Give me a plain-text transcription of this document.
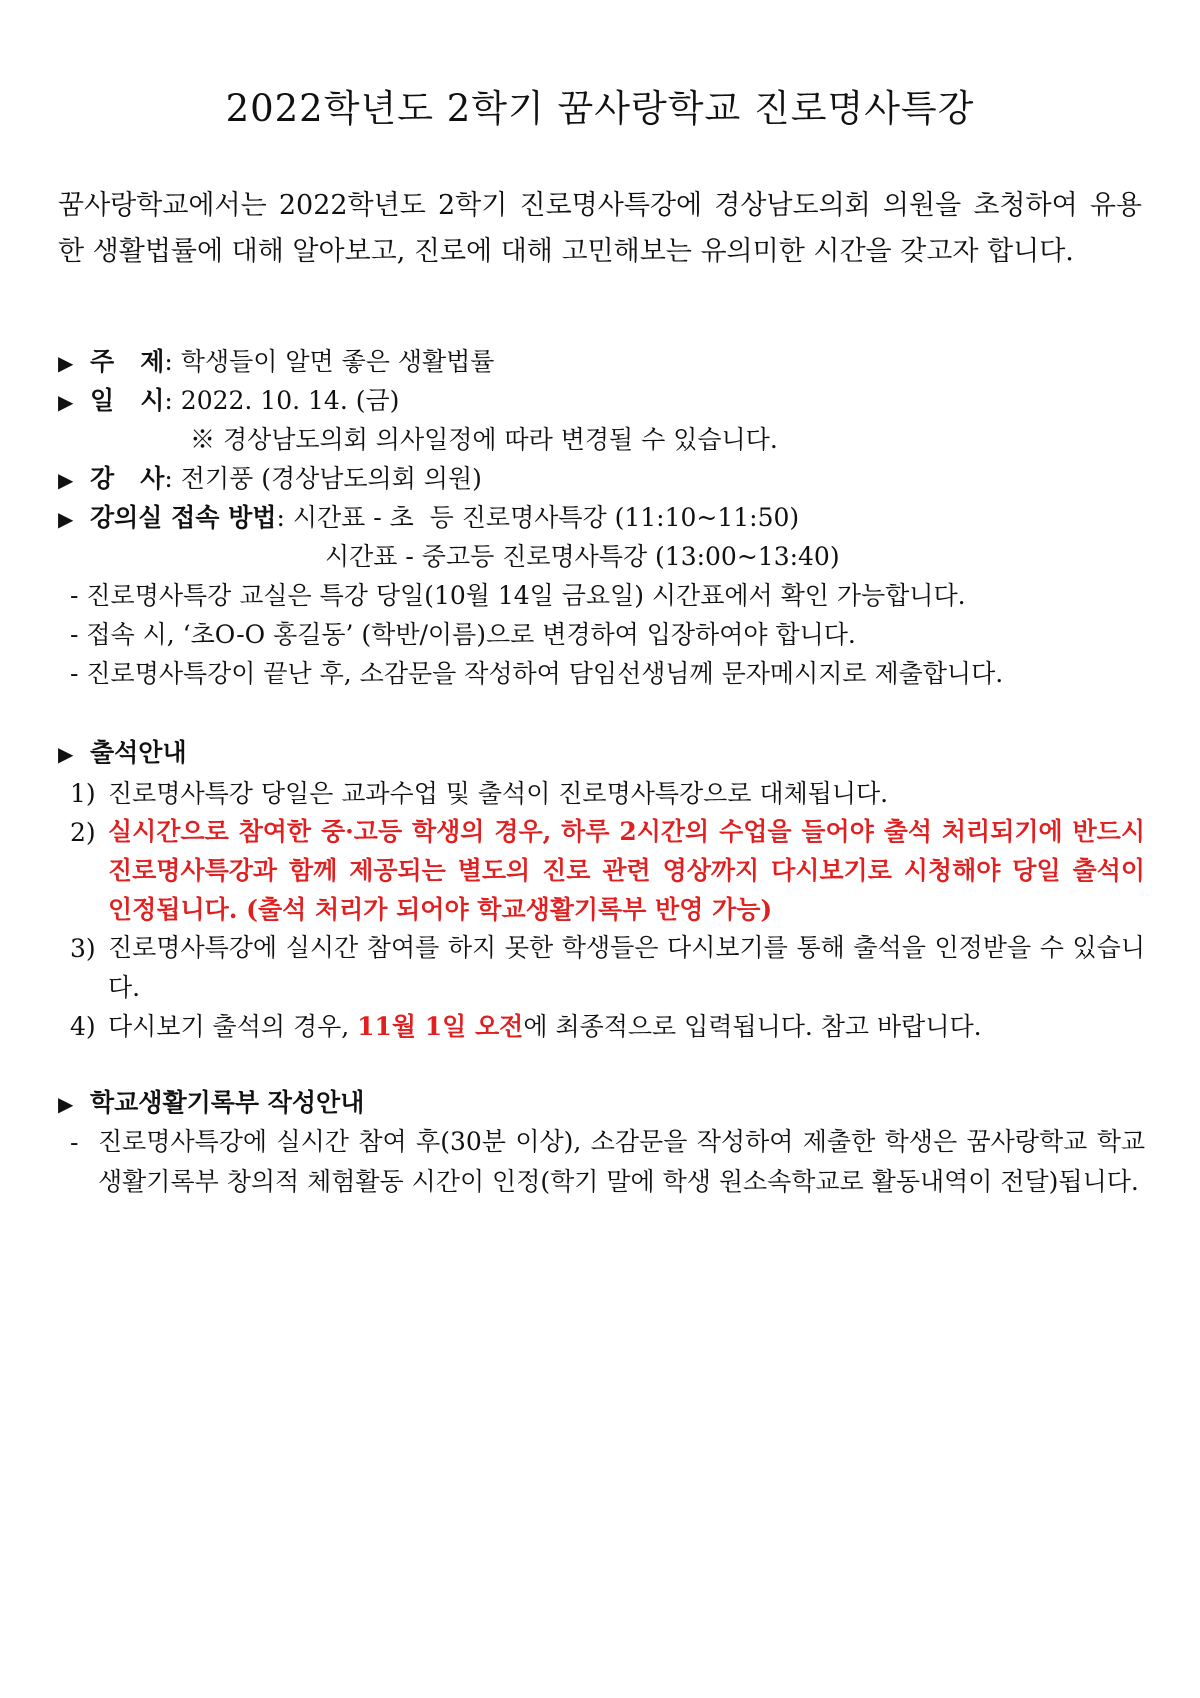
2022학년도 2학기 꿈사랑학교 진로명사특강
꿈사랑학교에서는 2022학년도 2학기 진로명사특강에 경상남도의회 의원을 초청하여 유용한 생활법률에 대해 알아보고, 진로에 대해 고민해보는 유의미한 시간을 갖고자 합니다.
▶ 주   제: 학생들이 알면 좋은 생활법률
▶ 일   시: 2022. 10. 14. (금)
※ 경상남도의회 의사일정에 따라 변경될 수 있습니다.
▶ 강   사: 전기풍 (경상남도의회 의원)
▶ 강의실 접속 방법: 시간표 - 초  등 진로명사특강 (11:10~11:50)
시간표 - 중고등 진로명사특강 (13:00~13:40)
- 진로명사특강 교실은 특강 당일(10월 14일 금요일) 시간표에서 확인 가능합니다.
- 접속 시, ‘초O-O 홍길동’ (학반/이름)으로 변경하여 입장하여야 합니다.
- 진로명사특강이 끝난 후, 소감문을 작성하여 담임선생님께 문자메시지로 제출합니다.
▶ 출석안내
1) 진로명사특강 당일은 교과수업 및 출석이 진로명사특강으로 대체됩니다.
2) 실시간으로 참여한 중·고등 학생의 경우, 하루 2시간의 수업을 들어야 출석 처리되기에 반드시 진로명사특강과 함께 제공되는 별도의 진로 관련 영상까지 다시보기로 시청해야 당일 출석이 인정됩니다. (출석 처리가 되어야 학교생활기록부 반영 가능)
3) 진로명사특강에 실시간 참여를 하지 못한 학생들은 다시보기를 통해 출석을 인정받을 수 있습니다.
4) 다시보기 출석의 경우, 11월 1일 오전에 최종적으로 입력됩니다. 참고 바랍니다.
▶ 학교생활기록부 작성안내
- 진로명사특강에 실시간 참여 후(30분 이상), 소감문을 작성하여 제출한 학생은 꿈사랑학교 학교생활기록부 창의적 체험활동 시간이 인정(학기 말에 학생 원소속학교로 활동내역이 전달)됩니다.
